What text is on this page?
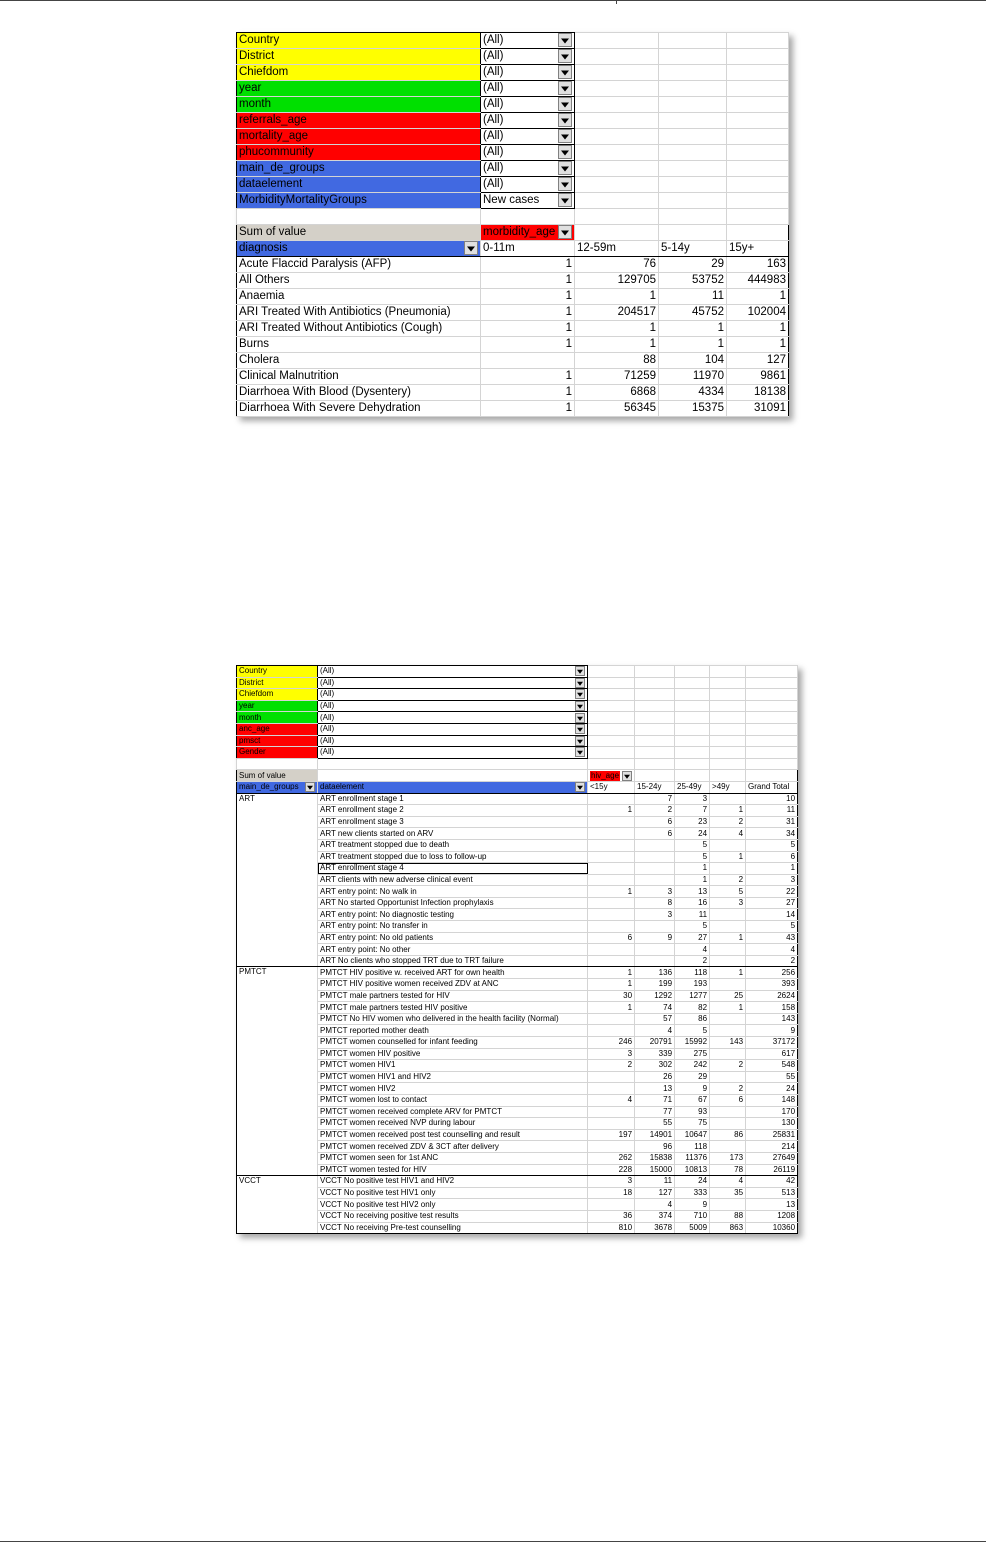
Country	(All)			
District	(All)			
Chiefdom	(All)			
year	(All)			
month	(All)			
referrals_age	(All)			
mortality_age	(All)			
phucommunity	(All)			
main_de_groups	(All)			
dataelement	(All)			
MorbidityMortalityGroups	New cases			

Sum of value	morbidity_age			

diagnosis	0-11m	12-59m	5-14y	15y+
Acute Flaccid Paralysis (AFP)	1	76	29	163
All Others	1	129705	53752	444983
Anaemia	1	1	11	1
ARI Treated With Antibiotics (Pneumonia)	1	204517	45752	102004
ARI Treated Without Antibiotics (Cough)	1	1	1	1
Burns	1	1	1	1
Cholera		88	104	127
Clinical Malnutrition	1	71259	11970	9861
Diarrhoea With Blood (Dysentery)	1	6868	4334	18138
Diarrhoea With Severe Dehydration	1	56345	15375	31091
Country	(All)					
District	(All)					
Chiefdom	(All)					
year	(All)					
month	(All)					
anc_age	(All)					
pmsct	(All)					
Gender	(All)					

Sum of value		hiv_age				

main_de_groups	dataelement	<15y	15-24y	25-49y	>49y	Grand Total
ART	ART enrollment stage 1		7	3		10
	ART enrollment stage 2	1	2	7	1	11
	ART enrollment stage 3		6	23	2	31
	ART new clients started on ARV		6	24	4	34
	ART treatment stopped due to death			5		5
	ART treatment stopped due to loss to follow-up			5	1	6
	ART enrollment stage 4			1		1
	ART clients with new adverse clinical event			1	2	3
	ART entry point: No walk in	1	3	13	5	22
	ART No started Opportunist Infection prophylaxis		8	16	3	27
	ART entry point: No diagnostic testing		3	11		14
	ART entry point: No transfer in			5		5
	ART entry point: No old patients	6	9	27	1	43
	ART entry point: No other			4		4
	ART No clients who stopped TRT due to TRT failure			2		2
PMTCT	PMTCT HIV positive w. received ART for own health	1	136	118	1	256
	PMTCT HIV positive women received ZDV at ANC	1	199	193		393
	PMTCT male partners tested for HIV	30	1292	1277	25	2624
	PMTCT male partners tested HIV positive	1	74	82	1	158
	PMTCT No HIV women who delivered in the health facility (Normal)		57	86		143
	PMTCT reported mother death		4	5		9
	PMTCT women counselled for infant feeding	246	20791	15992	143	37172
	PMTCT women HIV positive	3	339	275		617
	PMTCT women HIV1	2	302	242	2	548
	PMTCT women HIV1 and HIV2		26	29		55
	PMTCT women HIV2		13	9	2	24
	PMTCT women lost to contact	4	71	67	6	148
	PMTCT women received complete ARV for PMTCT		77	93		170
	PMTCT women received NVP during labour		55	75		130
	PMTCT women received post test counselling and result	197	14901	10647	86	25831
	PMTCT women received ZDV & 3CT after delivery		96	118		214
	PMTCT women seen for 1st ANC	262	15838	11376	173	27649
	PMTCT women tested for HIV	228	15000	10813	78	26119
VCCT	VCCT No positive test HIV1 and HIV2	3	11	24	4	42
	VCCT No positive test HIV1 only	18	127	333	35	513
	VCCT No positive test HIV2 only		4	9		13
	VCCT No receiving positive test results	36	374	710	88	1208
	VCCT No receiving Pre-test counselling	810	3678	5009	863	10360
